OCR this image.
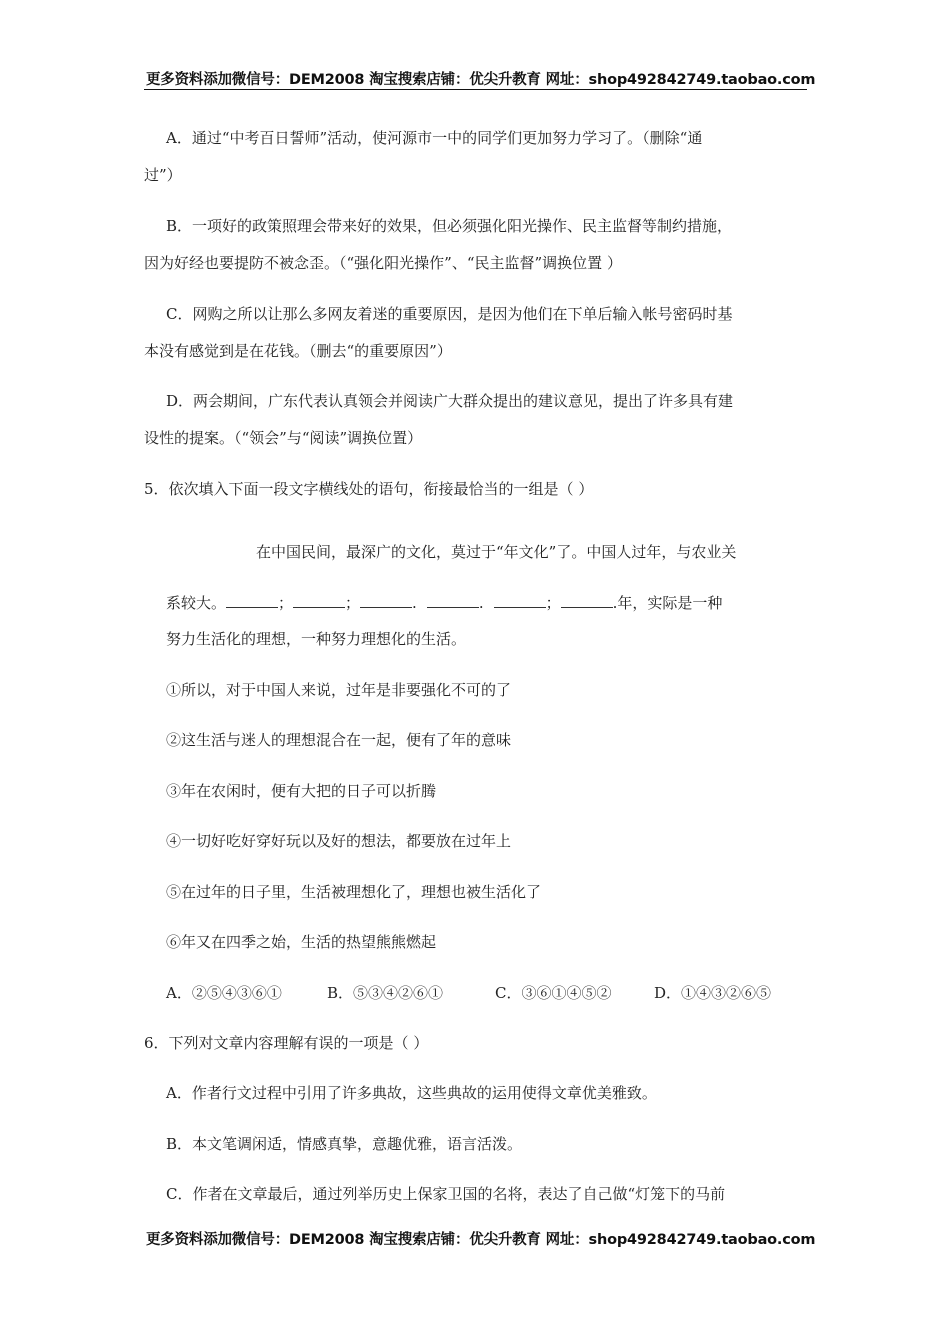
更多资料添加微信号：DEM2008 淘宝搜索店铺：优尖升教育 网址：shop492842749.taobao.com
A．通过“中考百日誓师”活动，使河源市一中的同学们更加努力学习了。（删除“通
过”）
B．一项好的政策照理会带来好的效果，但必须强化阳光操作、民主监督等制约措施，
因为好经也要提防不被念歪。（“强化阳光操作”、“民主监督”调换位置 ）
C．网购之所以让那么多网友着迷的重要原因，是因为他们在下单后输入帐号密码时基
本没有感觉到是在花钱。（删去“的重要原因”）
D．两会期间，广东代表认真领会并阅读广大群众提出的建议意见，提出了许多具有建
设性的提案。（“领会”与“阅读”调换位置）
5．依次填入下面一段文字横线处的语句，衔接最恰当的一组是（ ）
在中国民间，最深广的文化，莫过于“年文化”了。中国人过年，与农业关
系较大。	；	；	.	.	；	.年，实际是一种
努力生活化的理想，一种努力理想化的生活。
①所以，对于中国人来说，过年是非要强化不可的了
②这生活与迷人的理想混合在一起，便有了年的意味
③年在农闲时，便有大把的日子可以折腾
④一切好吃好穿好玩以及好的想法，都要放在过年上
⑤在过年的日子里，生活被理想化了，理想也被生活化了
⑥年又在四季之始，生活的热望熊熊燃起
A．②⑤④③⑥①	B．⑤③④②⑥①	C．③⑥①④⑤②	D．①④③②⑥⑤
6．下列对文章内容理解有误的一项是（ ）
A．作者行文过程中引用了许多典故，这些典故的运用使得文章优美雅致。
B．本文笔调闲适，情感真挚，意趣优雅，语言活泼。
C．作者在文章最后，通过列举历史上保家卫国的名将，表达了自己做“灯笼下的马前
更多资料添加微信号：DEM2008 淘宝搜索店铺：优尖升教育 网址：shop492842749.taobao.com
